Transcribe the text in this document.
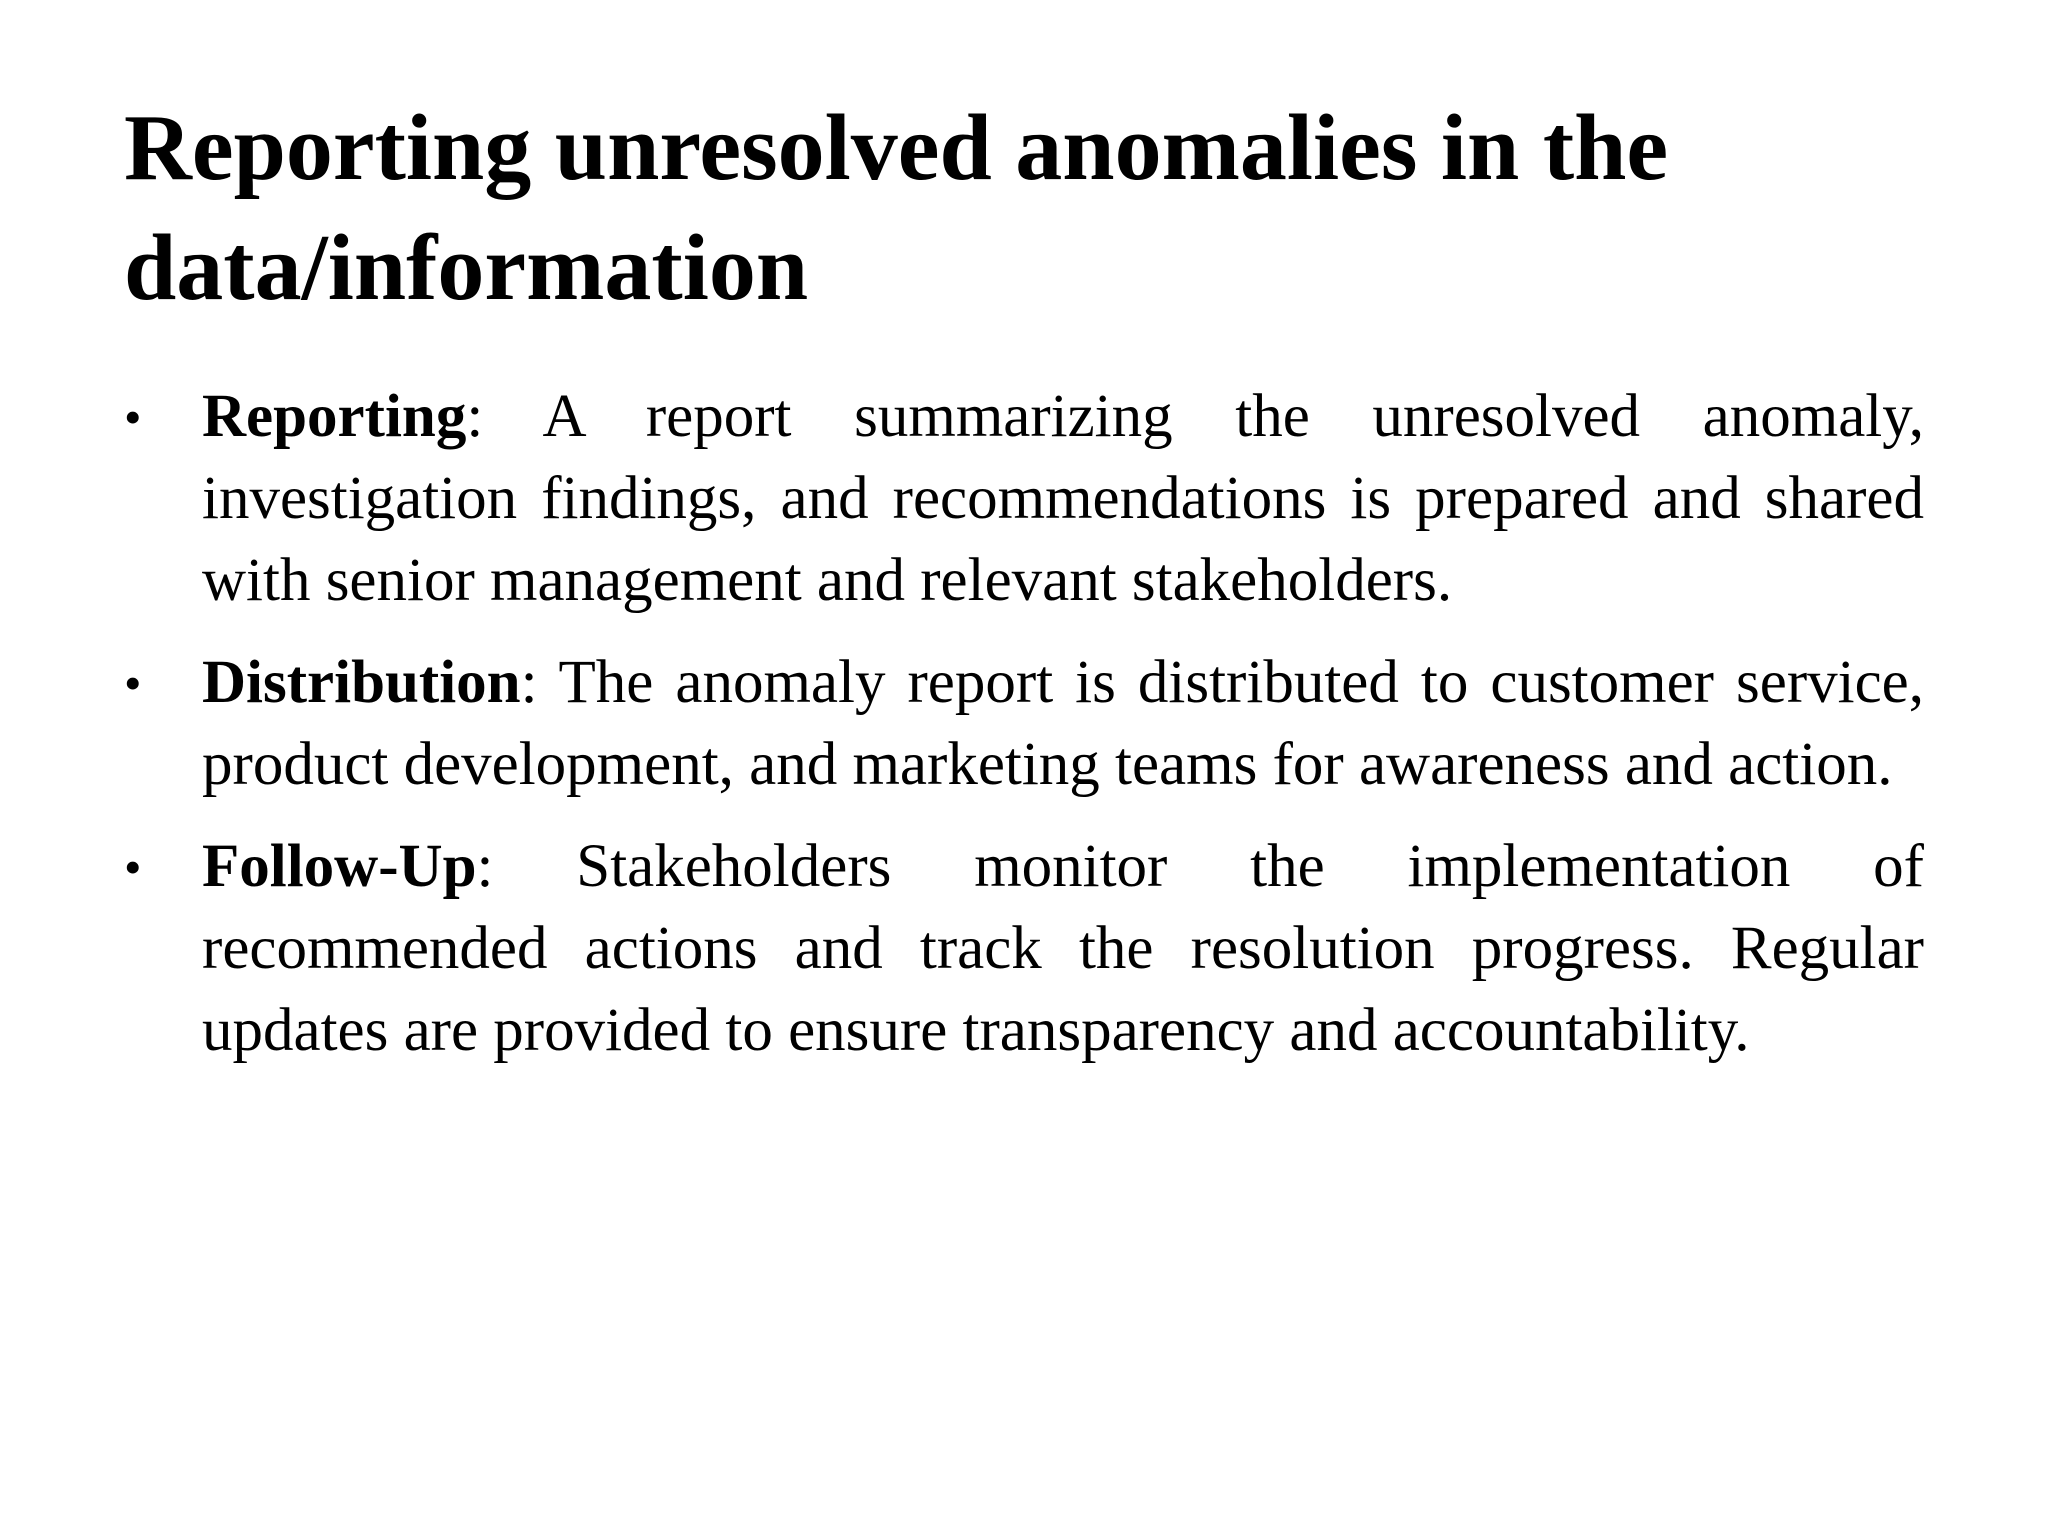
Reporting unresolved anomalies in the data/information
• Reporting: A report summarizing the unresolved anomaly, investigation findings, and recommendations is prepared and shared with senior management and relevant stakeholders.
• Distribution: The anomaly report is distributed to customer service, product development, and marketing teams for awareness and action.
• Follow-Up: Stakeholders monitor the implementation of recommended actions and track the resolution progress. Regular updates are provided to ensure transparency and accountability.
